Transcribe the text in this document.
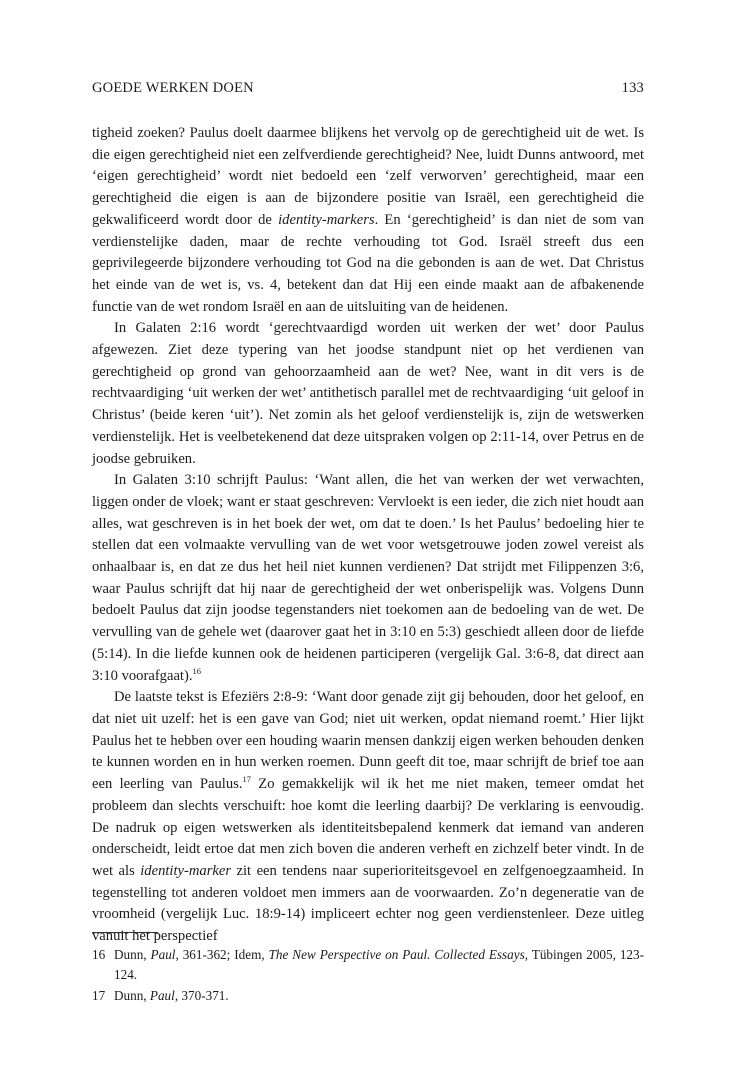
GOEDE WERKEN DOEN	133

tigheid zoeken? Paulus doelt daarmee blijkens het vervolg op de gerechtigheid uit de wet. Is die eigen gerechtigheid niet een zelfverdiende gerechtigheid? Nee, luidt Dunns antwoord, met ‘eigen gerechtigheid’ wordt niet bedoeld een ‘zelf verworven’ gerechtigheid, maar een gerechtigheid die eigen is aan de bijzondere positie van Israël, een gerechtigheid die gekwalificeerd wordt door de identity-markers. En ‘gerechtigheid’ is dan niet de som van verdienstelijke daden, maar de rechte verhouding tot God. Israël streeft dus een geprivilegeerde bijzondere verhouding tot God na die gebonden is aan de wet. Dat Christus het einde van de wet is, vs. 4, betekent dan dat Hij een einde maakt aan de afbakenende functie van de wet rondom Israël en aan de uitsluiting van de heidenen.

In Galaten 2:16 wordt ‘gerechtvaardigd worden uit werken der wet’ door Paulus afgewezen. Ziet deze typering van het joodse standpunt niet op het verdienen van gerechtigheid op grond van gehoorzaamheid aan de wet? Nee, want in dit vers is de rechtvaardiging ‘uit werken der wet’ antithetisch parallel met de rechtvaardiging ‘uit geloof in Christus’ (beide keren ‘uit’). Net zomin als het geloof verdienstelijk is, zijn de wetswerken verdienstelijk. Het is veelbetekenend dat deze uitspraken volgen op 2:11-14, over Petrus en de joodse gebruiken.

In Galaten 3:10 schrijft Paulus: ‘Want allen, die het van werken der wet verwachten, liggen onder de vloek; want er staat geschreven: Vervloekt is een ieder, die zich niet houdt aan alles, wat geschreven is in het boek der wet, om dat te doen.’ Is het Paulus’ bedoeling hier te stellen dat een volmaakte vervulling van de wet voor wetsgetrouwe joden zowel vereist als onhaalbaar is, en dat ze dus het heil niet kunnen verdienen? Dat strijdt met Filippenzen 3:6, waar Paulus schrijft dat hij naar de gerechtigheid der wet onberispelijk was. Volgens Dunn bedoelt Paulus dat zijn joodse tegenstanders niet toekomen aan de bedoeling van de wet. De vervulling van de gehele wet (daarover gaat het in 3:10 en 5:3) geschiedt alleen door de liefde (5:14). In die liefde kunnen ook de heidenen participeren (vergelijk Gal. 3:6-8, dat direct aan 3:10 voorafgaat).$^{16}$

De laatste tekst is Efeziërs 2:8-9: ‘Want door genade zijt gij behouden, door het geloof, en dat niet uit uzelf: het is een gave van God; niet uit werken, opdat niemand roemt.’ Hier lijkt Paulus het te hebben over een houding waarin mensen dankzij eigen werken behouden denken te kunnen worden en in hun werken roemen. Dunn geeft dit toe, maar schrijft de brief toe aan een leerling van Paulus.$^{17}$ Zo gemakkelijk wil ik het me niet maken, temeer omdat het probleem dan slechts verschuift: hoe komt die leerling daarbij? De verklaring is eenvoudig. De nadruk op eigen wetswerken als identiteitsbepalend kenmerk dat iemand van anderen onderscheidt, leidt ertoe dat men zich boven die anderen verheft en zichzelf beter vindt. In de wet als identity-marker zit een tendens naar superioriteitsgevoel en zelfgenoegzaamheid. In tegenstelling tot anderen voldoet men immers aan de voorwaarden. Zo’n degeneratie van de vroomheid (vergelijk Luc. 18:9-14) impliceert echter nog geen verdienstenleer. Deze uitleg vanuit het perspectief

16 Dunn, Paul, 361-362; Idem, The New Perspective on Paul. Collected Essays, Tübingen 2005, 123-124.
17 Dunn, Paul, 370-371.
